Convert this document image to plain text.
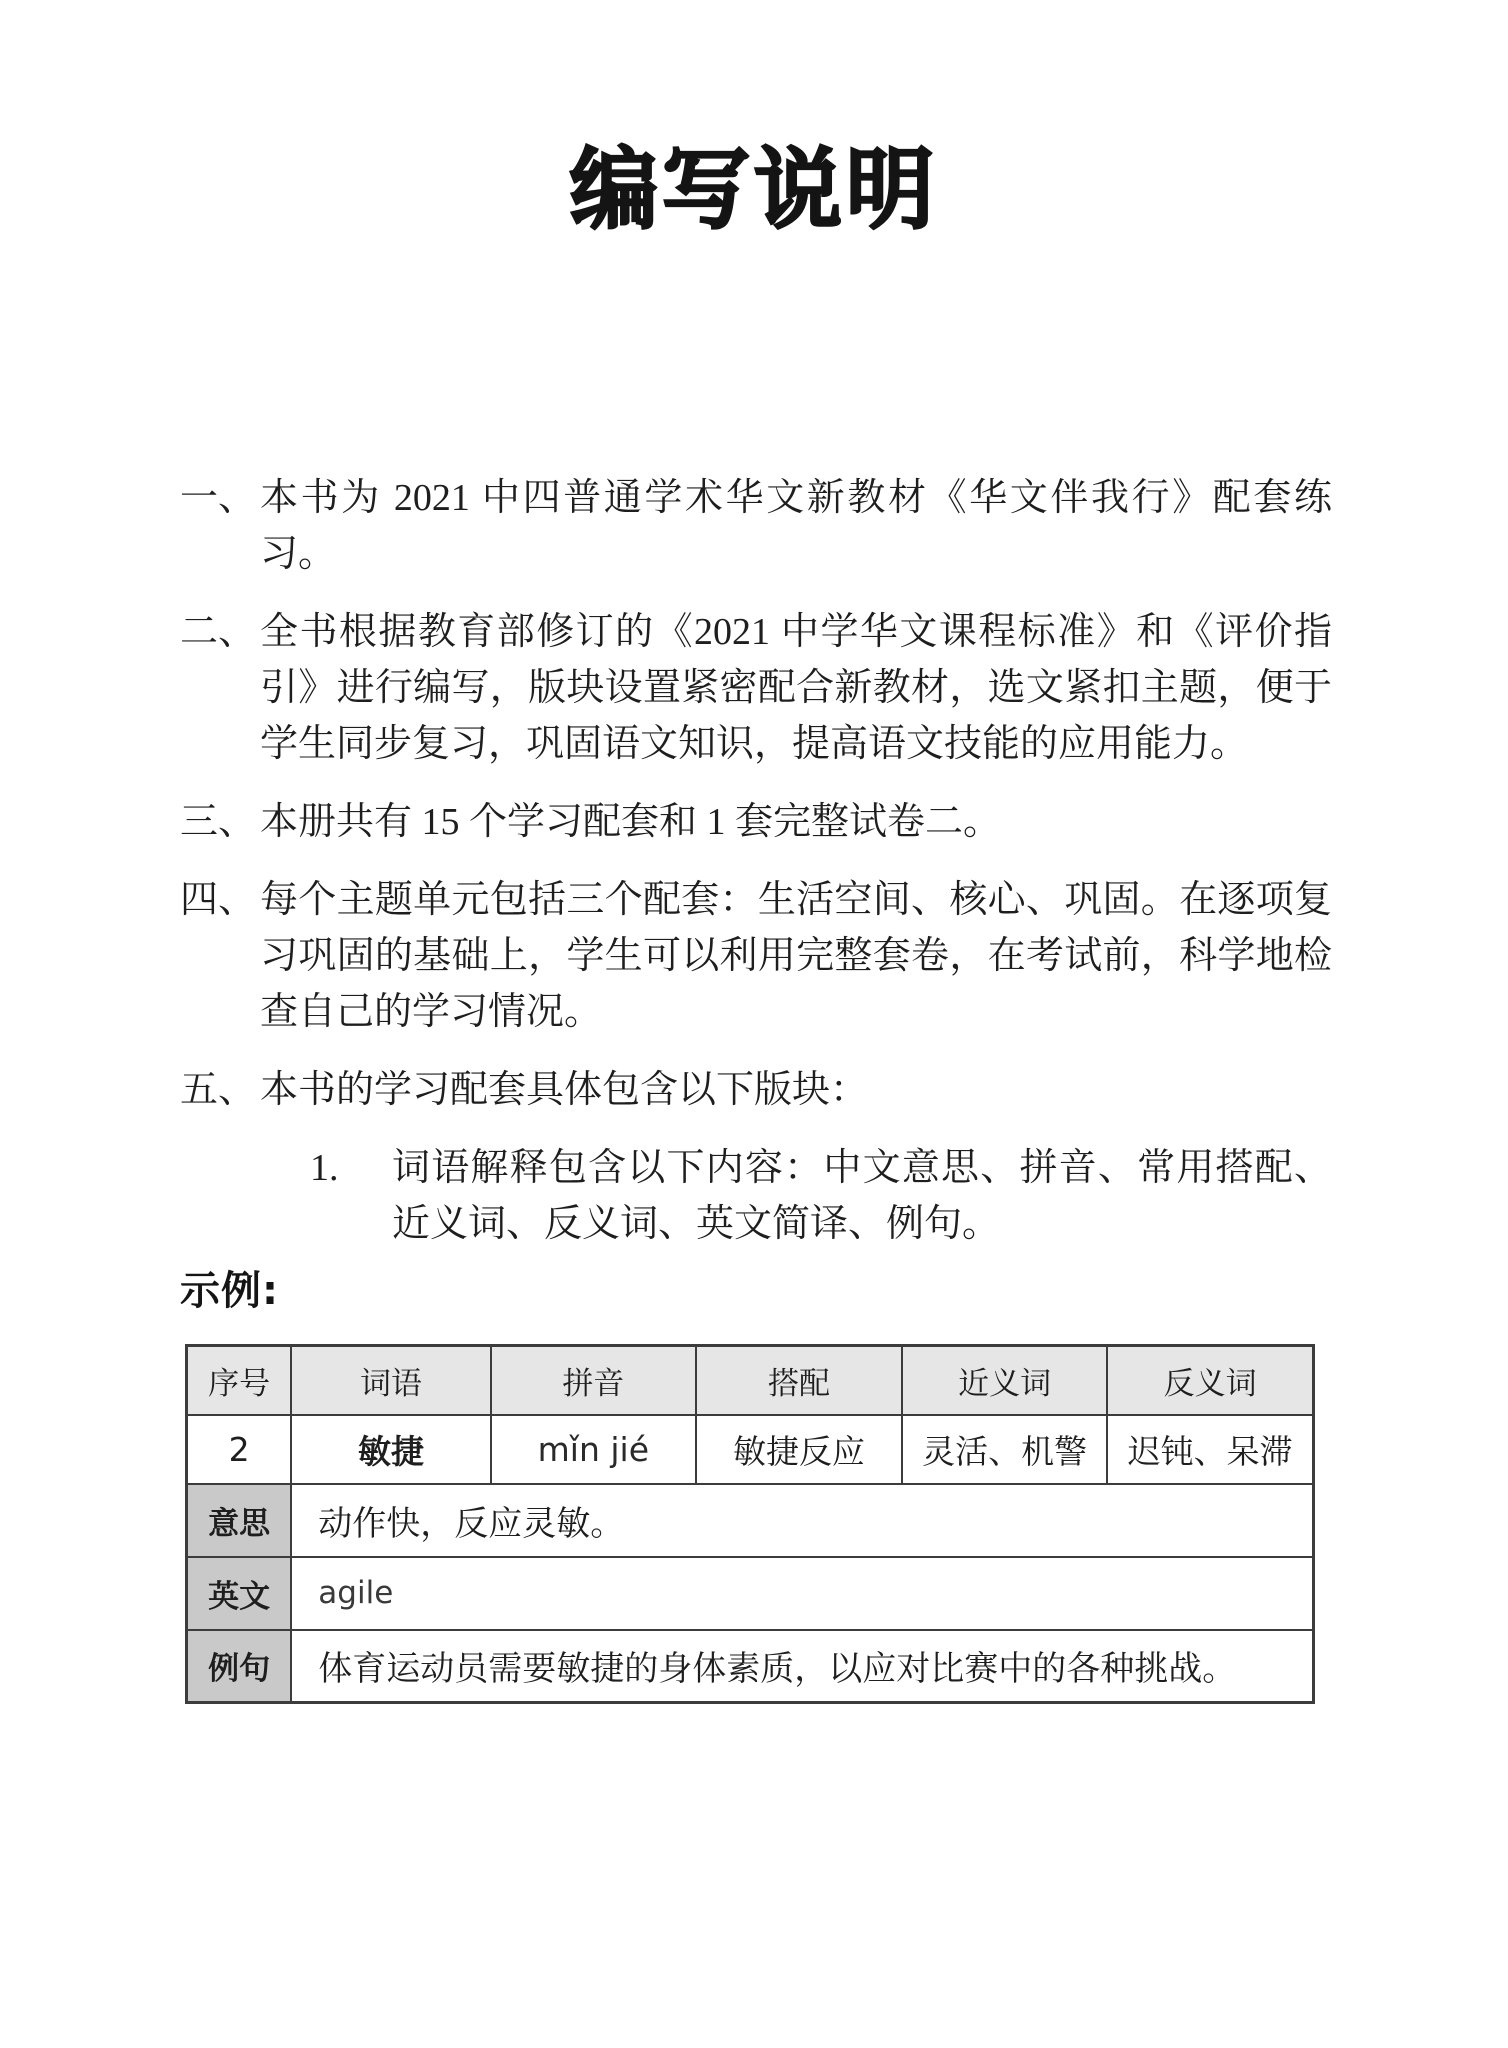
编写说明
一、 本书为 2021 中四普通学术华文新教材《华文伴我行》配套练习。
二、 全书根据教育部修订的《2021 中学华文课程标准》和《评价指引》进行编写，版块设置紧密配合新教材，选文紧扣主题，便于学生同步复习，巩固语文知识，提高语文技能的应用能力。
三、 本册共有 15 个学习配套和 1 套完整试卷二。
四、 每个主题单元包括三个配套：生活空间、核心、巩固。在逐项复习巩固的基础上，学生可以利用完整套卷，在考试前，科学地检查自己的学习情况。
五、 本书的学习配套具体包含以下版块：
1.	词语解释包含以下内容：中文意思、拼音、常用搭配、近义词、反义词、英文简译、例句。
示例:
序号	词语	拼音	搭配	近义词	反义词
2	敏捷	mǐn jié	敏捷反应	灵活、机警	迟钝、呆滞
意思	动作快，反应灵敏。				
英文	agile				
例句	体育运动员需要敏捷的身体素质，以应对比赛中的各种挑战。				
